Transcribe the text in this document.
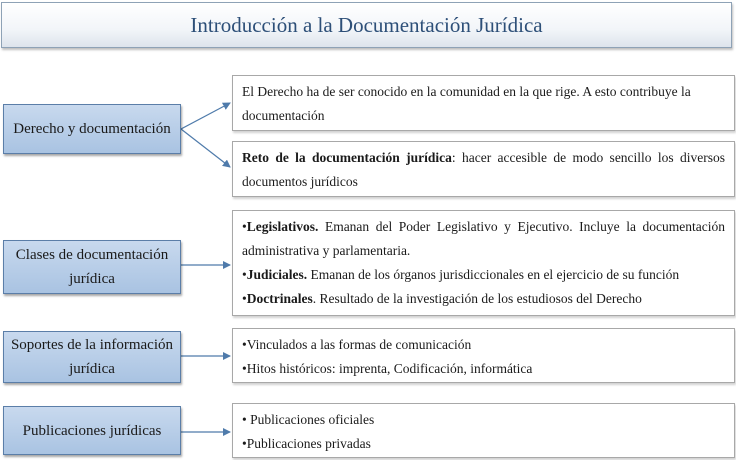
Introducción a la Documentación Jurídica
Derecho y documentación

El Derecho ha de ser conocido en la comunidad en la que rige. A esto contribuye la documentación

Reto de la documentación jurídica: hacer accesible de modo sencillo los diversos documentos jurídicos

Clases de documentación jurídica

•Legislativos. Emanan del Poder Legislativo y Ejecutivo. Incluye la documentación administrativa y parlamentaria.

•Judiciales. Emanan de los órganos jurisdiccionales en el ejercicio de su función

•Doctrinales. Resultado de la investigación de los estudiosos del Derecho

Soportes de la información jurídica

•Vinculados a las formas de comunicación

•Hitos históricos: imprenta, Codificación, informática

Publicaciones jurídicas

• Publicaciones oficiales

•Publicaciones privadas
